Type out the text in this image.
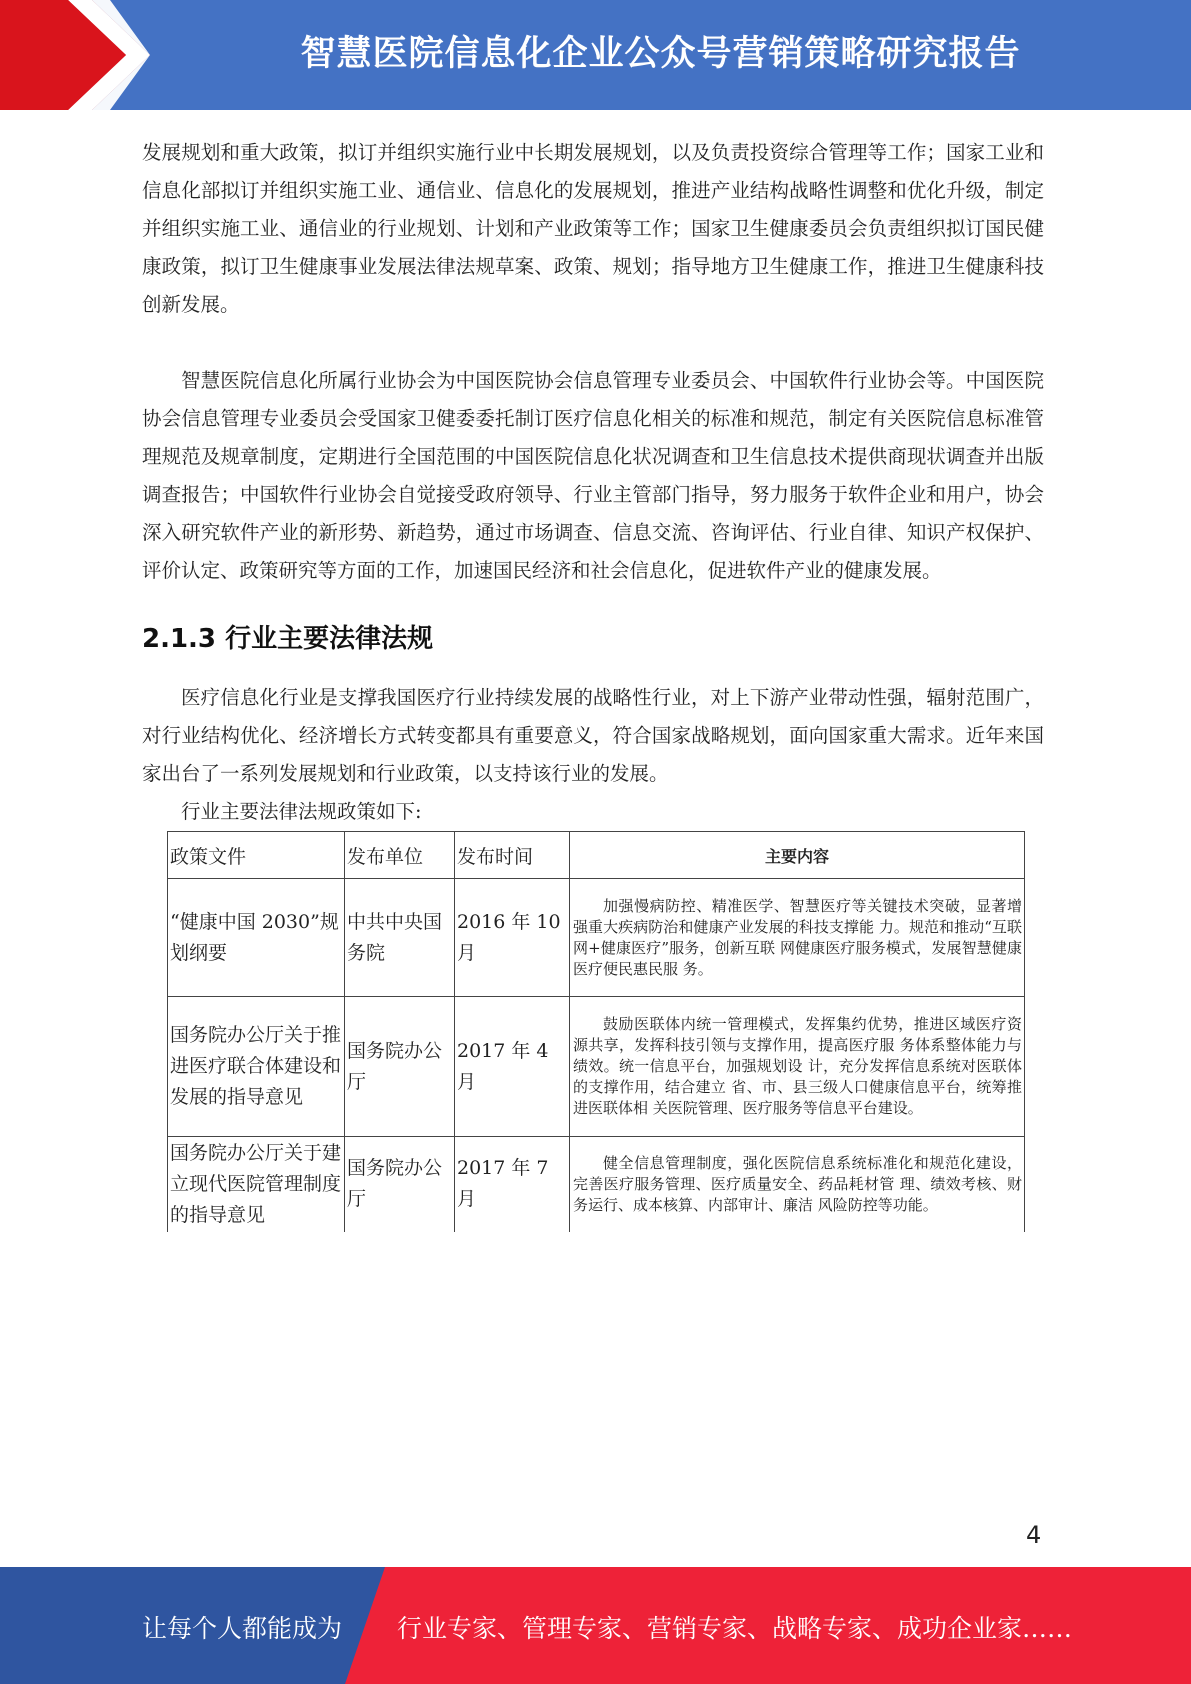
智慧医院信息化企业公众号营销策略研究报告

发展规划和重大政策，拟订并组织实施行业中长期发展规划，以及负责投资综合管理等工作；国家工业和信息化部拟订并组织实施工业、通信业、信息化的发展规划，推进产业结构战略性调整和优化升级，制定并组织实施工业、通信业的行业规划、计划和产业政策等工作；国家卫生健康委员会负责组织拟订国民健康政策，拟订卫生健康事业发展法律法规草案、政策、规划；指导地方卫生健康工作，推进卫生健康科技创新发展。

智慧医院信息化所属行业协会为中国医院协会信息管理专业委员会、中国软件行业协会等。中国医院协会信息管理专业委员会受国家卫健委委托制订医疗信息化相关的标准和规范，制定有关医院信息标准管理规范及规章制度，定期进行全国范围的中国医院信息化状况调查和卫生信息技术提供商现状调查并出版调查报告；中国软件行业协会自觉接受政府领导、行业主管部门指导，努力服务于软件企业和用户，协会深入研究软件产业的新形势、新趋势，通过市场调查、信息交流、咨询评估、行业自律、知识产权保护、评价认定、政策研究等方面的工作，加速国民经济和社会信息化，促进软件产业的健康发展。

2.1.3 行业主要法律法规

医疗信息化行业是支撑我国医疗行业持续发展的战略性行业，对上下游产业带动性强，辐射范围广，对行业结构优化、经济增长方式转变都具有重要意义，符合国家战略规划，面向国家重大需求。近年来国家出台了一系列发展规划和行业政策，以支持该行业的发展。

行业主要法律法规政策如下:

政策文件	发布单位	发布时间	主要内容
“健康中国 2030”规划纲要	中共中央国务院	2016 年 10 月	加强慢病防控、精准医学、智慧医疗等关键技术突破，显著增强重大疾病防治和健康产业发展的科技支撑能 力。规范和推动“互联网+健康医疗”服务，创新互联 网健康医疗服务模式，发展智慧健康医疗便民惠民服 务。
国务院办公厅关于推进医疗联合体建设和发展的指导意见	国务院办公厅	2017 年 4 月	鼓励医联体内统一管理模式，发挥集约优势，推进区域医疗资源共享，发挥科技引领与支撑作用，提高医疗服 务体系整体能力与绩效。统一信息平台，加强规划设 计，充分发挥信息系统对医联体的支撑作用，结合建立 省、市、县三级人口健康信息平台，统筹推进医联体相 关医院管理、医疗服务等信息平台建设。
国务院办公厅关于建立现代医院管理制度的指导意见	国务院办公厅	2017 年 7 月	健全信息管理制度，强化医院信息系统标准化和规范化建设，完善医疗服务管理、医疗质量安全、药品耗材管 理、绩效考核、财务运行、成本核算、内部审计、廉洁 风险防控等功能。
4
让每个人都能成为 行业专家、管理专家、营销专家、战略专家、成功企业家……
